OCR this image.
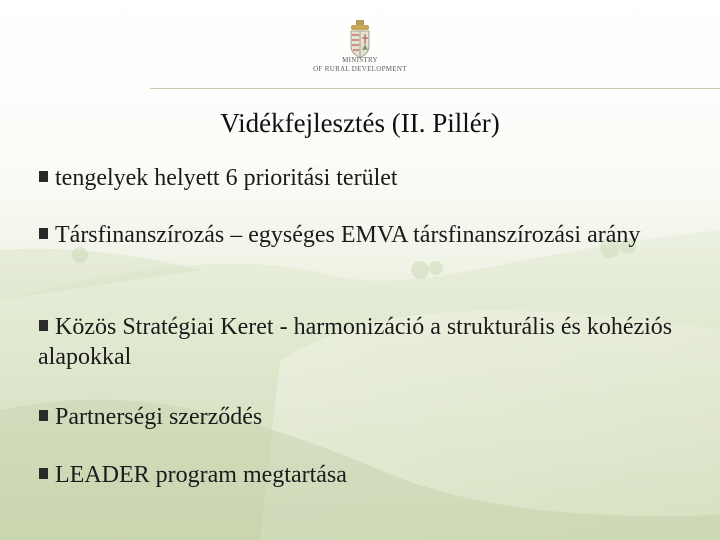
MINISTRY
OF RURAL DEVELOPMENT
Vidékfejlesztés (II. Pillér)
tengelyek helyett 6 prioritási terület
Társfinanszírozás – egységes EMVA társfinanszírozási arány
Közös Stratégiai Keret - harmonizáció a strukturális és kohéziós alapokkal
Partnerségi szerződés
LEADER program megtartása
